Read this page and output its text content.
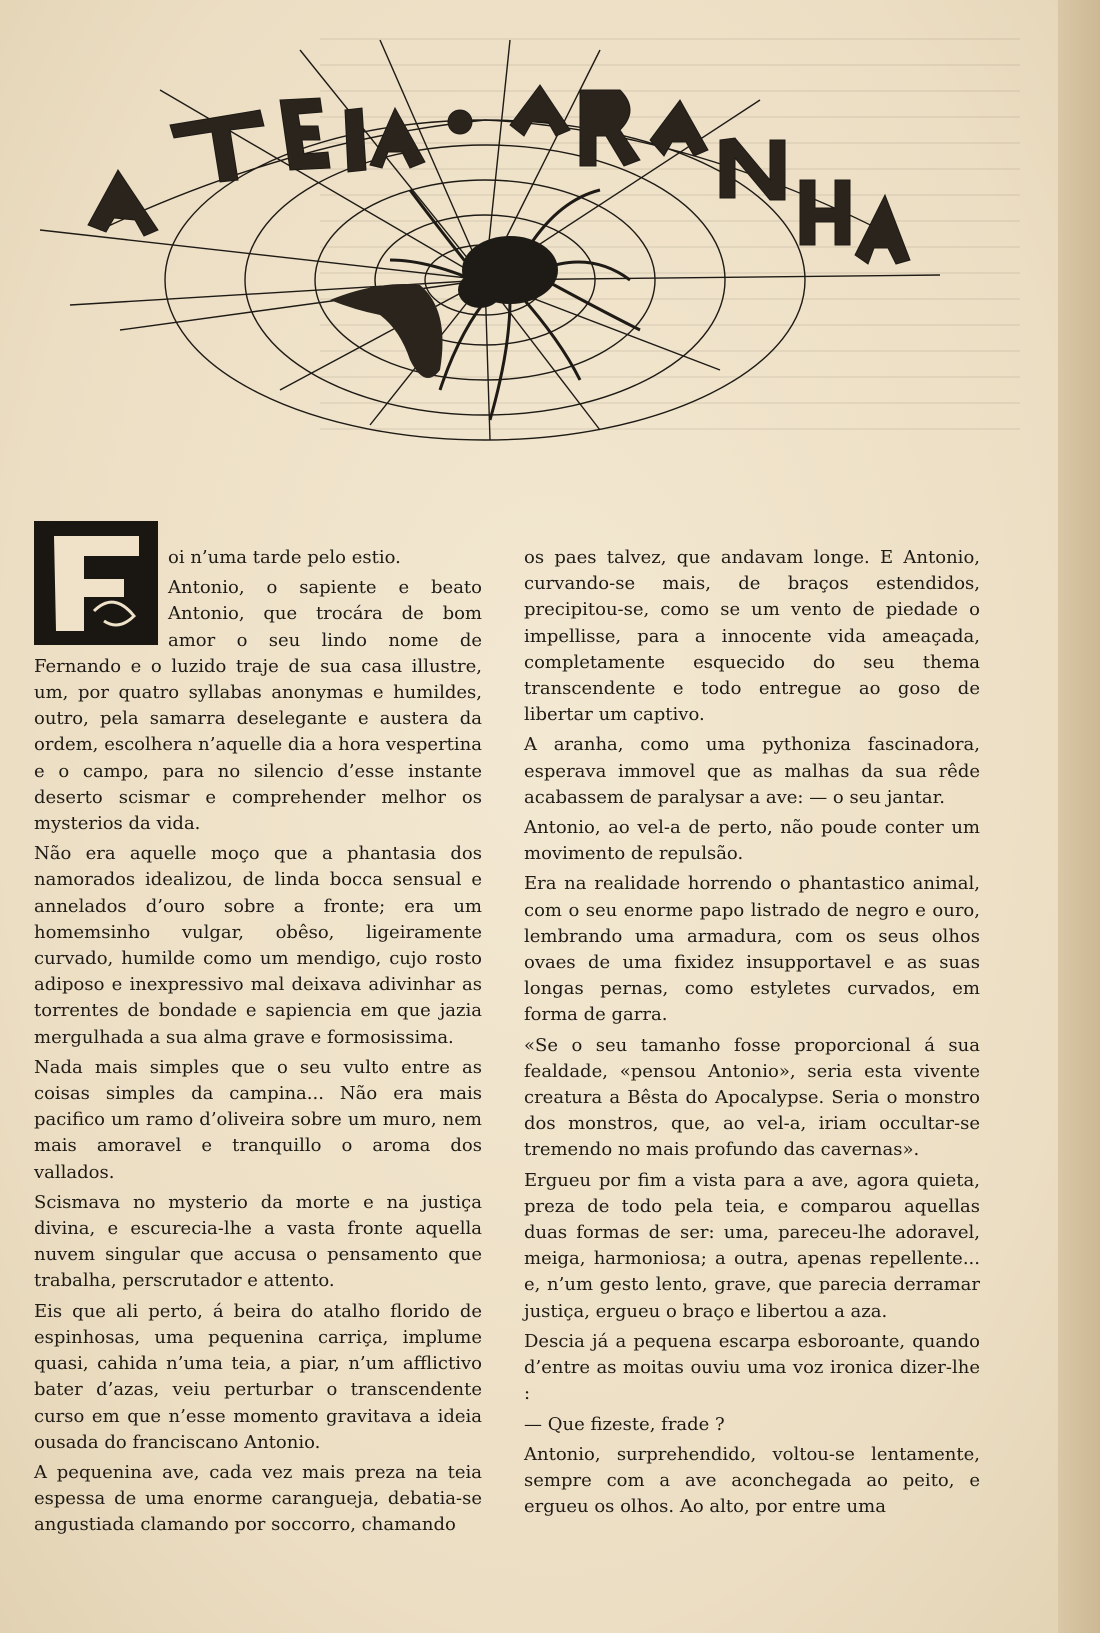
oi n’uma tarde pelo estio.

Antonio, o sapiente e beato Antonio, que trocára de bom amor o seu lindo nome de Fernando e o luzido traje de sua casa illustre, um, por quatro syllabas anonymas e humildes, outro, pela samarra deselegante e austera da ordem, escolhera n’aquelle dia a hora vespertina e o campo, para no silencio d’esse instante deserto scismar e comprehender melhor os mysterios da vida.

Não era aquelle moço que a phantasia dos namorados idealizou, de linda bocca sensual e annelados d’ouro sobre a fronte; era um homemsinho vulgar, obêso, ligeiramente curvado, humilde como um mendigo, cujo rosto adiposo e inexpressivo mal deixava adivinhar as torrentes de bondade e sapiencia em que jazia mergulhada a sua alma grave e formosissima.

Nada mais simples que o seu vulto entre as coisas simples da campina... Não era mais pacifico um ramo d’oliveira sobre um muro, nem mais amoravel e tranquillo o aroma dos vallados.

Scismava no mysterio da morte e na justiça divina, e escurecia-lhe a vasta fronte aquella nuvem singular que accusa o pensamento que trabalha, perscrutador e attento.

Eis que ali perto, á beira do atalho florido de espinhosas, uma pequenina carriça, implume quasi, cahida n’uma teia, a piar, n’um afflictivo bater d’azas, veiu perturbar o transcendente curso em que n’esse momento gravitava a ideia ousada do franciscano Antonio.

A pequenina ave, cada vez mais preza na teia espessa de uma enorme carangueja, debatia-se angustiada clamando por soccorro, chamando

os paes talvez, que andavam longe. E Antonio, curvando-se mais, de braços estendidos, precipitou-se, como se um vento de piedade o impellisse, para a innocente vida ameaçada, completamente esquecido do seu thema transcendente e todo entregue ao goso de libertar um captivo.

A aranha, como uma pythoniza fascinadora, esperava immovel que as malhas da sua rêde acabassem de paralysar a ave: — o seu jantar.

Antonio, ao vel-a de perto, não poude conter um movimento de repulsão.

Era na realidade horrendo o phantastico animal, com o seu enorme papo listrado de negro e ouro, lembrando uma armadura, com os seus olhos ovaes de uma fixidez insupportavel e as suas longas pernas, como estyletes curvados, em forma de garra.

«Se o seu tamanho fosse proporcional á sua fealdade, «pensou Antonio», seria esta vivente creatura a Bêsta do Apocalypse. Seria o monstro dos monstros, que, ao vel-a, iriam occultar-se tremendo no mais profundo das cavernas».

Ergueu por fim a vista para a ave, agora quieta, preza de todo pela teia, e comparou aquellas duas formas de ser: uma, pareceu-lhe adoravel, meiga, harmoniosa; a outra, apenas repellente... e, n’um gesto lento, grave, que parecia derramar justiça, ergueu o braço e libertou a aza.

Descia já a pequena escarpa esboroante, quando d’entre as moitas ouviu uma voz ironica dizer-lhe :

— Que fizeste, frade ?

Antonio, surprehendido, voltou-se lentamente, sempre com a ave aconchegada ao peito, e ergueu os olhos. Ao alto, por entre uma
